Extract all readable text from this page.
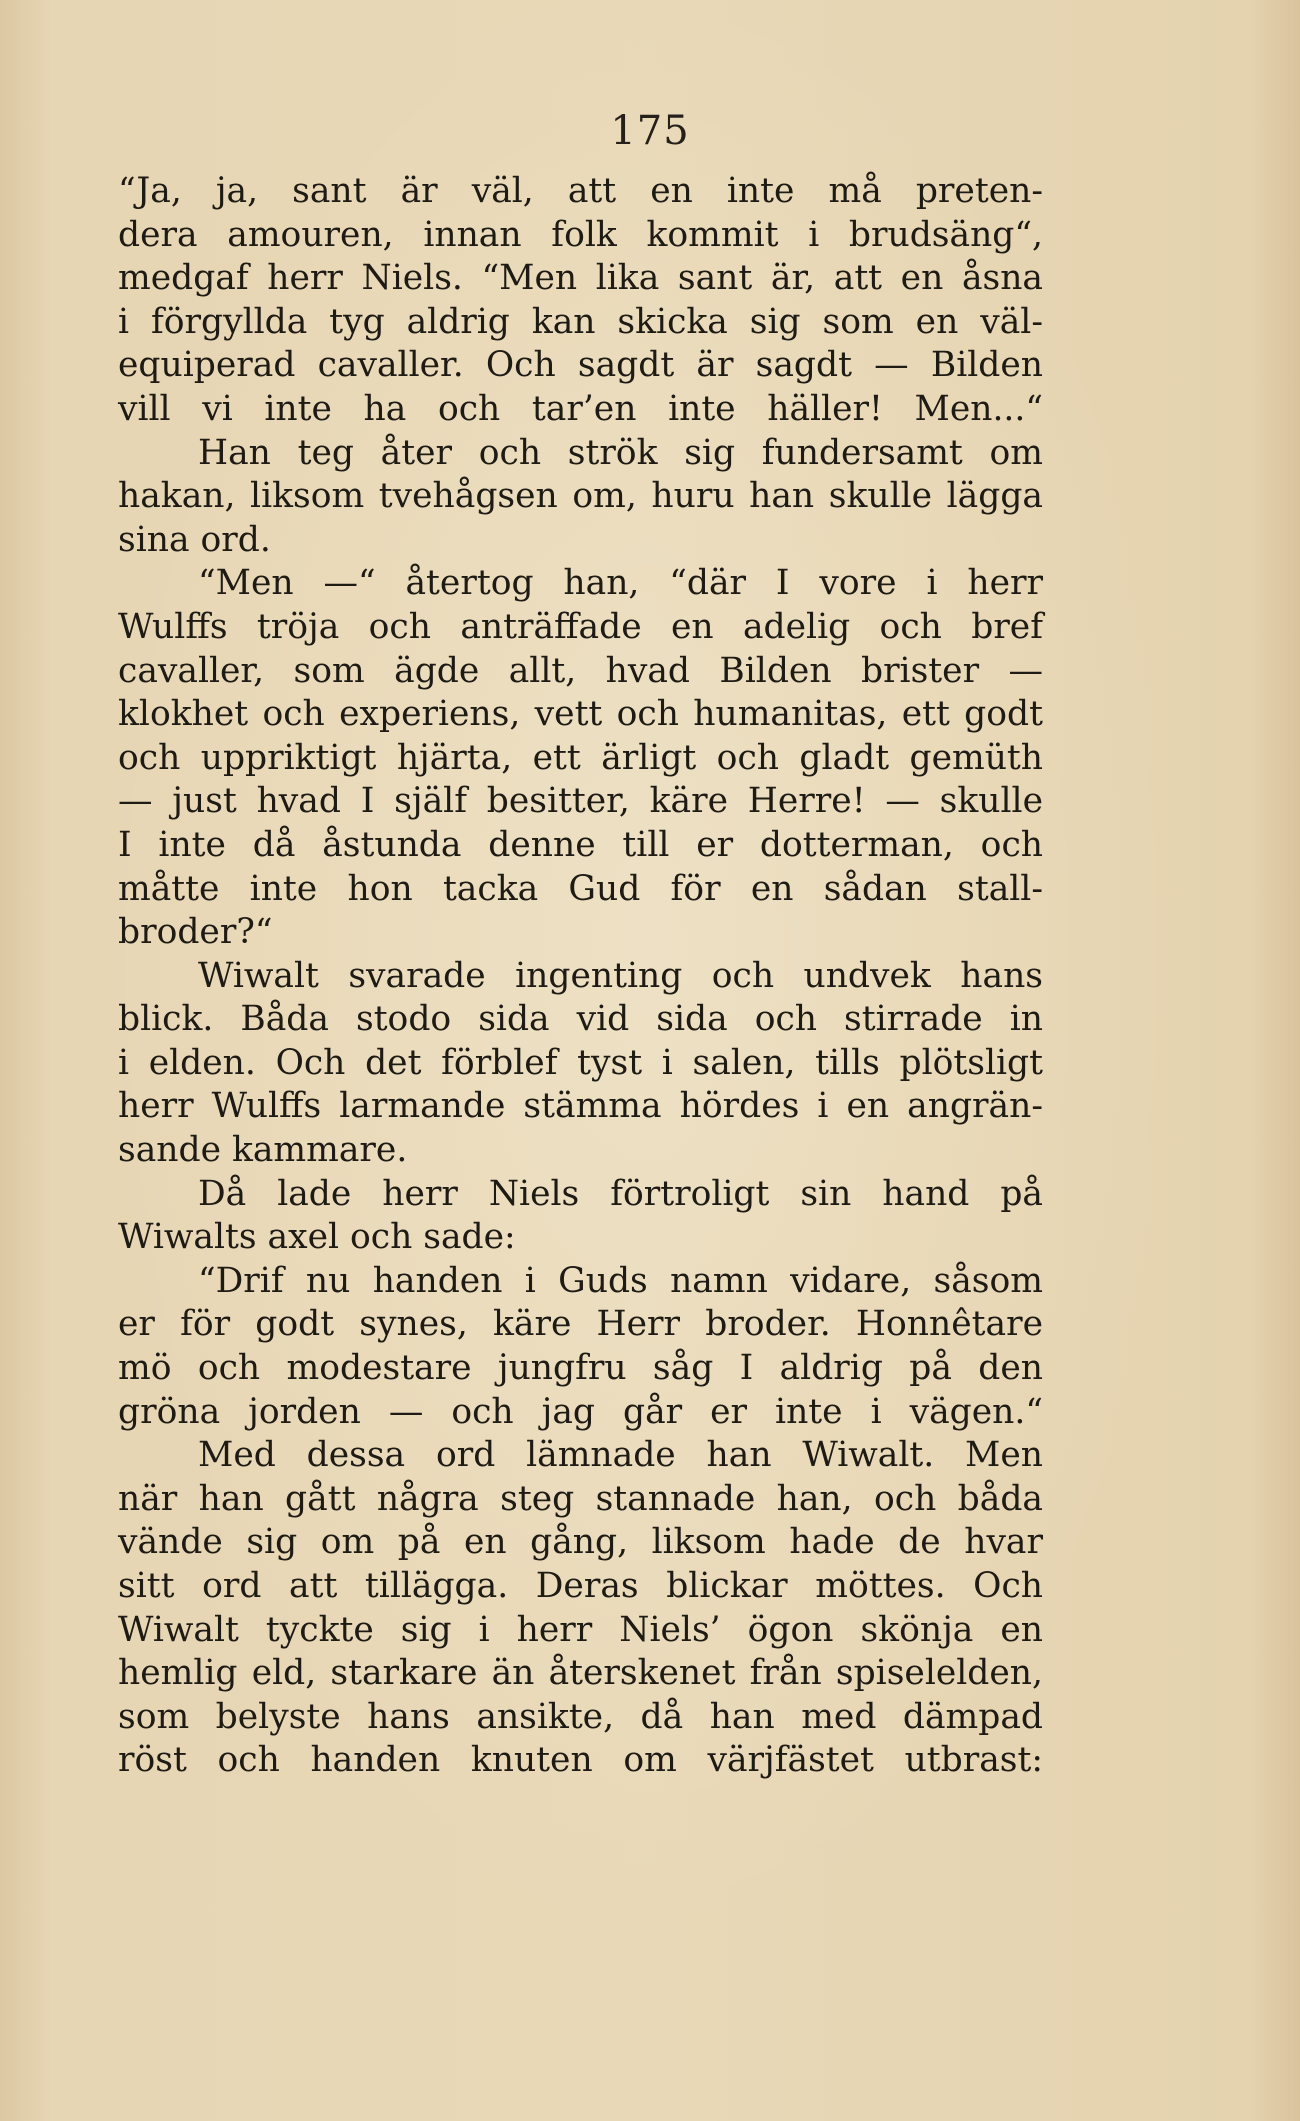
175
“Ja, ja, sant är väl, att en inte må preten-
dera amouren, innan folk kommit i brudsäng“,
medgaf herr Niels. “Men lika sant är, att en åsna
i förgyllda tyg aldrig kan skicka sig som en väl-
equiperad cavaller. Och sagdt är sagdt — Bilden
vill vi inte ha och tar’en inte häller! Men...“
Han teg åter och strök sig fundersamt om
hakan, liksom tvehågsen om, huru han skulle lägga
sina ord.
“Men —“ återtog han, “där I vore i herr
Wulffs tröja och anträffade en adelig och bref
cavaller, som ägde allt, hvad Bilden brister —
klokhet och experiens, vett och humanitas, ett godt
och uppriktigt hjärta, ett ärligt och gladt gemüth
— just hvad I själf besitter, käre Herre! — skulle
I inte då åstunda denne till er dotterman, och
måtte inte hon tacka Gud för en sådan stall-
broder?“
Wiwalt svarade ingenting och undvek hans
blick. Båda stodo sida vid sida och stirrade in
i elden. Och det förblef tyst i salen, tills plötsligt
herr Wulffs larmande stämma hördes i en angrän-
sande kammare.
Då lade herr Niels förtroligt sin hand på
Wiwalts axel och sade:
“Drif nu handen i Guds namn vidare, såsom
er för godt synes, käre Herr broder. Honnêtare
mö och modestare jungfru såg I aldrig på den
gröna jorden — och jag går er inte i vägen.“
Med dessa ord lämnade han Wiwalt. Men
när han gått några steg stannade han, och båda
vände sig om på en gång, liksom hade de hvar
sitt ord att tillägga. Deras blickar möttes. Och
Wiwalt tyckte sig i herr Niels’ ögon skönja en
hemlig eld, starkare än återskenet från spiselelden,
som belyste hans ansikte, då han med dämpad
röst och handen knuten om värjfästet utbrast:
